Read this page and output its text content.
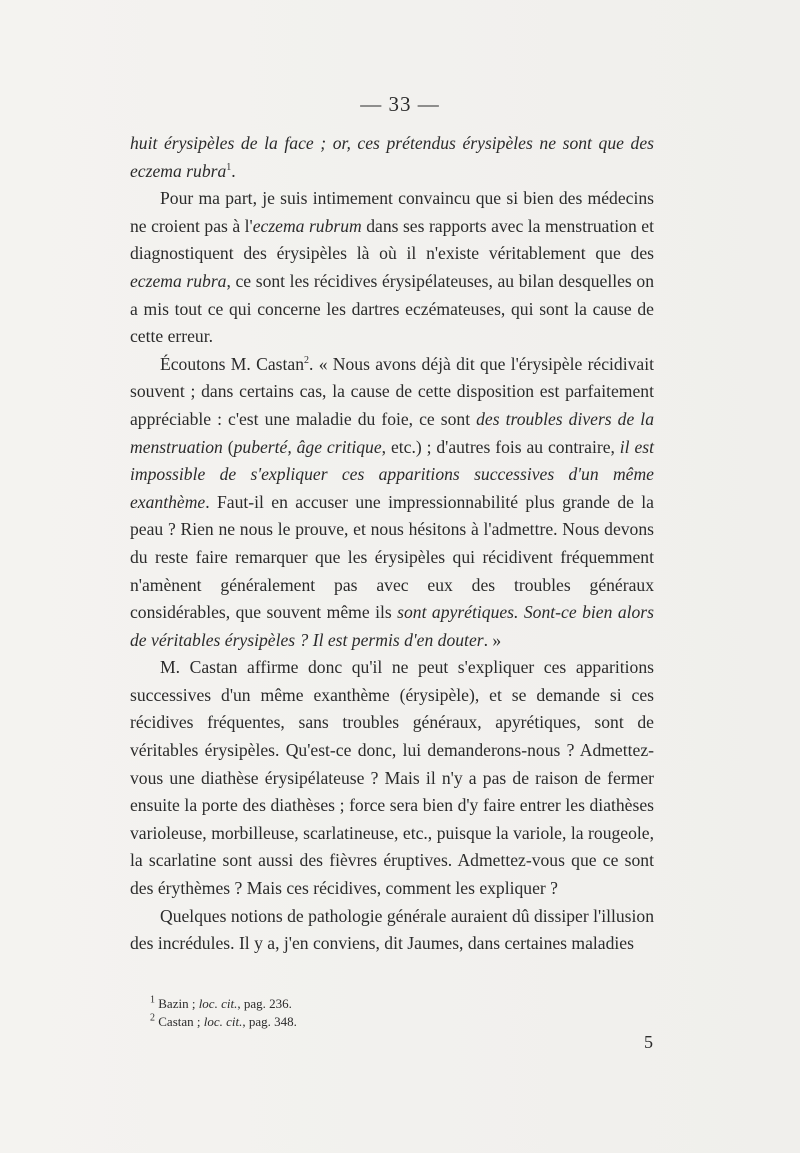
— 33 —

huit érysipèles de la face ; or, ces prétendus érysipèles ne sont que des eczema rubra$^1$.

Pour ma part, je suis intimement convaincu que si bien des médecins ne croient pas à l'eczema rubrum dans ses rapports avec la menstruation et diagnostiquent des érysipèles là où il n'existe véritablement que des eczema rubra, ce sont les récidives érysipélateuses, au bilan desquelles on a mis tout ce qui concerne les dartres eczémateuses, qui sont la cause de cette erreur.

Écoutons M. Castan$^2$. « Nous avons déjà dit que l'érysipèle récidivait souvent ; dans certains cas, la cause de cette disposition est parfaitement appréciable : c'est une maladie du foie, ce sont des troubles divers de la menstruation (puberté, âge critique, etc.) ; d'autres fois au contraire, il est impossible de s'expliquer ces apparitions successives d'un même exanthème. Faut-il en accuser une impressionnabilité plus grande de la peau ? Rien ne nous le prouve, et nous hésitons à l'admettre. Nous devons du reste faire remarquer que les érysipèles qui récidivent fréquemment n'amènent généralement pas avec eux des troubles généraux considérables, que souvent même ils sont apyrétiques. Sont-ce bien alors de véritables érysipèles ? Il est permis d'en douter. »

M. Castan affirme donc qu'il ne peut s'expliquer ces apparitions successives d'un même exanthème (érysipèle), et se demande si ces récidives fréquentes, sans troubles généraux, apyrétiques, sont de véritables érysipèles. Qu'est-ce donc, lui demanderons-nous ? Admettez-vous une diathèse érysipélateuse ? Mais il n'y a pas de raison de fermer ensuite la porte des diathèses ; force sera bien d'y faire entrer les diathèses varioleuse, morbilleuse, scarlatineuse, etc., puisque la variole, la rougeole, la scarlatine sont aussi des fièvres éruptives. Admettez-vous que ce sont des érythèmes ? Mais ces récidives, comment les expliquer ?

Quelques notions de pathologie générale auraient dû dissiper l'illusion des incrédules. Il y a, j'en conviens, dit Jaumes, dans certaines maladies

$^1$ Bazin ; loc. cit., pag. 236.

$^2$ Castan ; loc. cit., pag. 348.

5
